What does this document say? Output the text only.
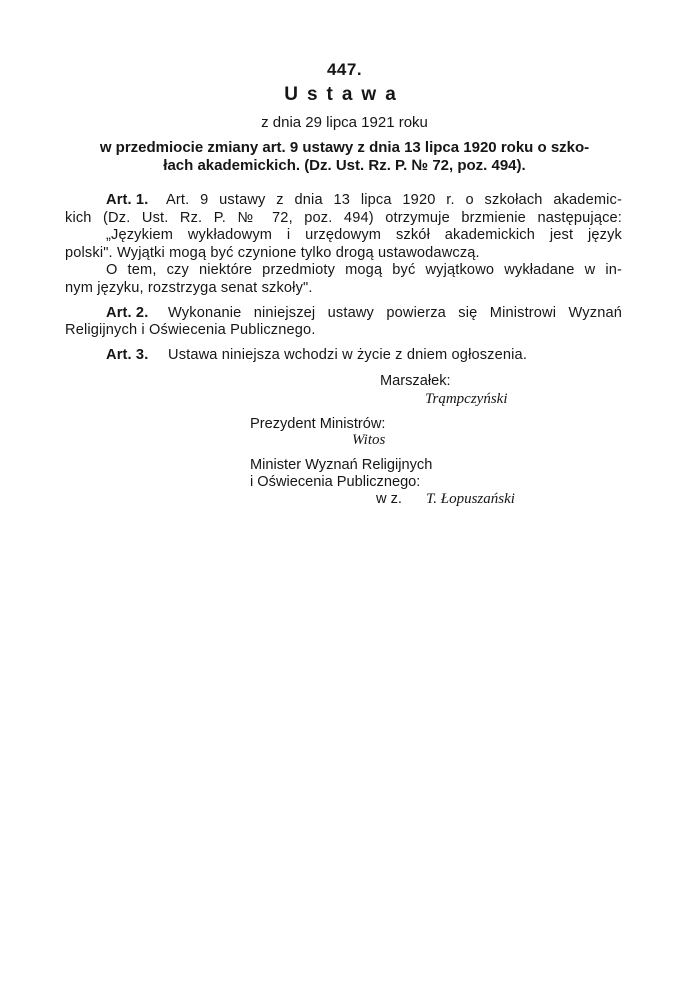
447.
Ustawa
z dnia 29 lipca 1921 roku
w przedmiocie zmiany art. 9 ustawy z dnia 13 lipca 1920 roku o szko-
łach akademickich. (Dz. Ust. Rz. P. № 72, poz. 494).
Art. 1. Art. 9 ustawy z dnia 13 lipca 1920 r. o szkołach akademic-
kich (Dz. Ust. Rz. P. № 72, poz. 494) otrzymuje brzmienie następujące:
„Językiem wykładowym i urzędowym szkół akademickich jest język
polski". Wyjątki mogą być czynione tylko drogą ustawodawczą.
O tem, czy niektóre przedmioty mogą być wyjątkowo wykładane w in-
nym języku, rozstrzyga senat szkoły".
Art. 2. Wykonanie niniejszej ustawy powierza się Ministrowi Wyznań
Religijnych i Oświecenia Publicznego.
Art. 3. Ustawa niniejsza wchodzi w życie z dniem ogłoszenia.
Marszałek:
Trąmpczyński
Prezydent Ministrów:
Witos
Minister Wyznań Religijnych
i Oświecenia Publicznego:
w z. T. Łopuszański
